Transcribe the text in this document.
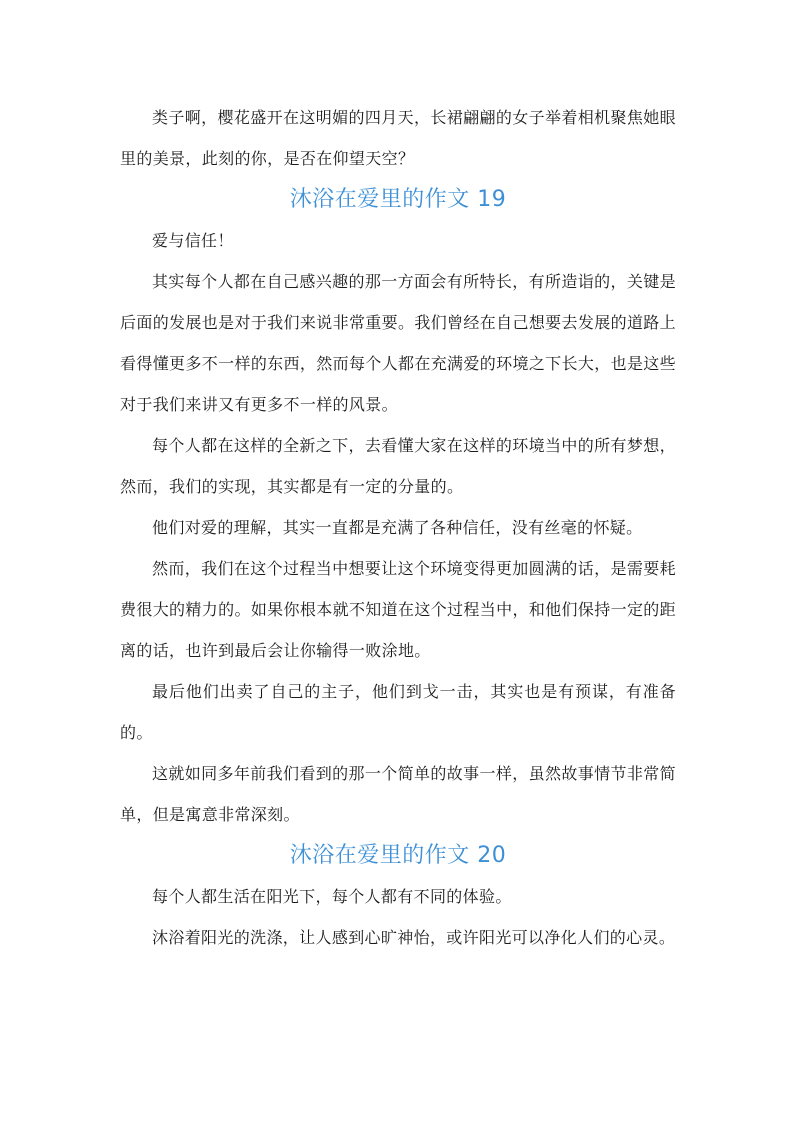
类子啊，樱花盛开在这明媚的四月天，长裙翩翩的女子举着相机聚焦她眼里的美景，此刻的你，是否在仰望天空？

沐浴在爱里的作文 19

爱与信任！

其实每个人都在自己感兴趣的那一方面会有所特长，有所造诣的，关键是后面的发展也是对于我们来说非常重要。我们曾经在自己想要去发展的道路上看得懂更多不一样的东西，然而每个人都在充满爱的环境之下长大，也是这些对于我们来讲又有更多不一样的风景。

每个人都在这样的全新之下，去看懂大家在这样的环境当中的所有梦想，然而，我们的实现，其实都是有一定的分量的。

他们对爱的理解，其实一直都是充满了各种信任，没有丝毫的怀疑。

然而，我们在这个过程当中想要让这个环境变得更加圆满的话，是需要耗费很大的精力的。如果你根本就不知道在这个过程当中，和他们保持一定的距离的话，也许到最后会让你输得一败涂地。

最后他们出卖了自己的主子，他们到戈一击，其实也是有预谋，有准备的。

这就如同多年前我们看到的那一个简单的故事一样，虽然故事情节非常简单，但是寓意非常深刻。

沐浴在爱里的作文 20

每个人都生活在阳光下，每个人都有不同的体验。

沐浴着阳光的洗涤，让人感到心旷神怡，或许阳光可以净化人们的心灵。
